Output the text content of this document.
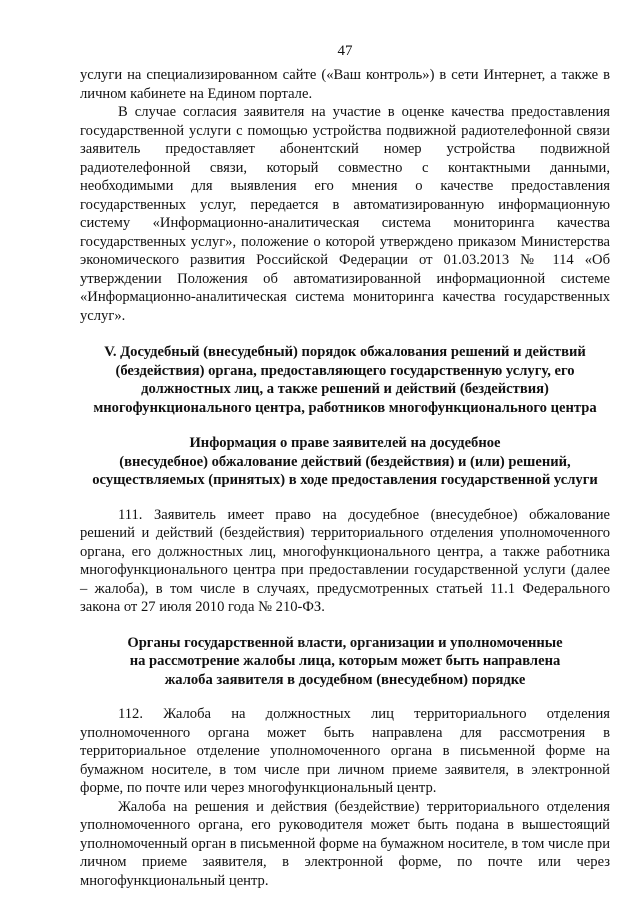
47

услуги на специализированном сайте («Ваш контроль») в сети Интернет, а также в личном кабинете на Едином портале.

В случае согласия заявителя на участие в оценке качества предоставления государственной услуги с помощью устройства подвижной радиотелефонной связи заявитель предоставляет абонентский номер устройства подвижной радиотелефонной связи, который совместно с контактными данными, необходимыми для выявления его мнения о качестве предоставления государственных услуг, передается в автоматизированную информационную систему «Информационно-аналитическая система мониторинга качества государственных услуг», положение о которой утверждено приказом Министерства экономического развития Российской Федерации от 01.03.2013 № 114 «Об утверждении Положения об автоматизированной информационной системе «Информационно-аналитическая система мониторинга качества государственных услуг».

V. Досудебный (внесудебный) порядок обжалования решений и действий
(бездействия) органа, предоставляющего государственную услугу, его
должностных лиц, а также решений и действий (бездействия)
многофункционального центра, работников многофункционального центра
Информация о праве заявителей на досудебное
(внесудебное) обжалование действий (бездействия) и (или) решений,
осуществляемых (принятых) в ходе предоставления государственной услуги

111. Заявитель имеет право на досудебное (внесудебное) обжалование решений и действий (бездействия) территориального отделения уполномоченного органа, его должностных лиц, многофункционального центра, а также работника многофункционального центра при предоставлении государственной услуги (далее – жалоба), в том числе в случаях, предусмотренных статьей 11.1 Федерального закона от 27 июля 2010 года № 210-ФЗ.

Органы государственной власти, организации и уполномоченные
на рассмотрение жалобы лица, которым может быть направлена
жалоба заявителя в досудебном (внесудебном) порядке

112. Жалоба на должностных лиц территориального отделения уполномоченного органа может быть направлена для рассмотрения в территориальное отделение уполномоченного органа в письменной форме на бумажном носителе, в том числе при личном приеме заявителя, в электронной форме, по почте или через многофункциональный центр.

Жалоба на решения и действия (бездействие) территориального отделения уполномоченного органа, его руководителя может быть подана в вышестоящий уполномоченный орган в письменной форме на бумажном носителе, в том числе при личном приеме заявителя, в электронной форме, по почте или через многофункциональный центр.
